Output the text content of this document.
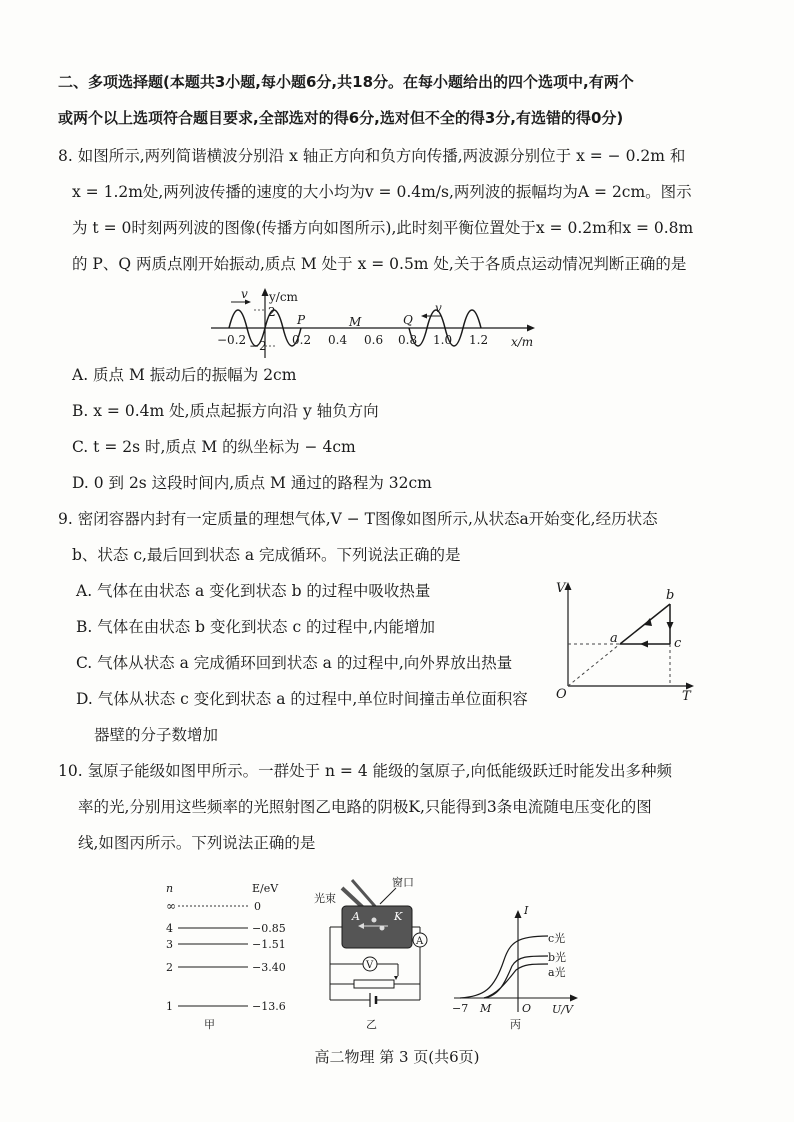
二、多项选择题(本题共3小题,每小题6分,共18分。在每小题给出的四个选项中,有两个
或两个以上选项符合题目要求,全部选对的得6分,选对但不全的得3分,有选错的得0分)
8. 如图所示,两列简谐横波分别沿 x 轴正方向和负方向传播,两波源分别位于 x = − 0.2m 和
x = 1.2m处,两列波传播的速度的大小均为v = 0.4m/s,两列波的振幅均为A = 2cm。图示
为 t = 0时刻两列波的图像(传播方向如图所示),此时刻平衡位置处于x = 0.2m和x = 0.8m
的 P、Q 两质点刚开始振动,质点 M 处于 x = 0.5m 处,关于各质点运动情况判断正确的是
v
v
y/cm
2
−2	x/m
P	M	Q
−0.2	0.2 0.4 0.6 0.8 1.0 1.2
A. 质点 M 振动后的振幅为 2cm
B. x = 0.4m 处,质点起振方向沿 y 轴负方向
C. t = 2s 时,质点 M 的纵坐标为 − 4cm
D. 0 到 2s 这段时间内,质点 M 通过的路程为 32cm
9. 密闭容器内封有一定质量的理想气体,V − T图像如图所示,从状态a开始变化,经历状态
b、状态 c,最后回到状态 a 完成循环。下列说法正确的是
A. 气体在由状态 a 变化到状态 b 的过程中吸收热量
B. 气体在由状态 b 变化到状态 c 的过程中,内能增加
C. 气体从状态 a 完成循环回到状态 a 的过程中,向外界放出热量
D. 气体从状态 c 变化到状态 a 的过程中,单位时间撞击单位面积容
器壁的分子数增加
V
T
O
a
b
c
10. 氢原子能级如图甲所示。一群处于 n = 4 能级的氢原子,向低能级跃迁时能发出多种频
率的光,分别用这些频率的光照射图乙电路的阴极K,只能得到3条电流随电压变化的图
线,如图丙所示。下列说法正确的是
n	E/eV
∞	0
4	−0.85
3	−1.51
2	−3.40
1	−13.6
甲
光束
窗口
A	K
A
V
乙
I
U/V
−7 M	O
c光
b光
a光
丙
高二物理 第 3 页(共6页)
